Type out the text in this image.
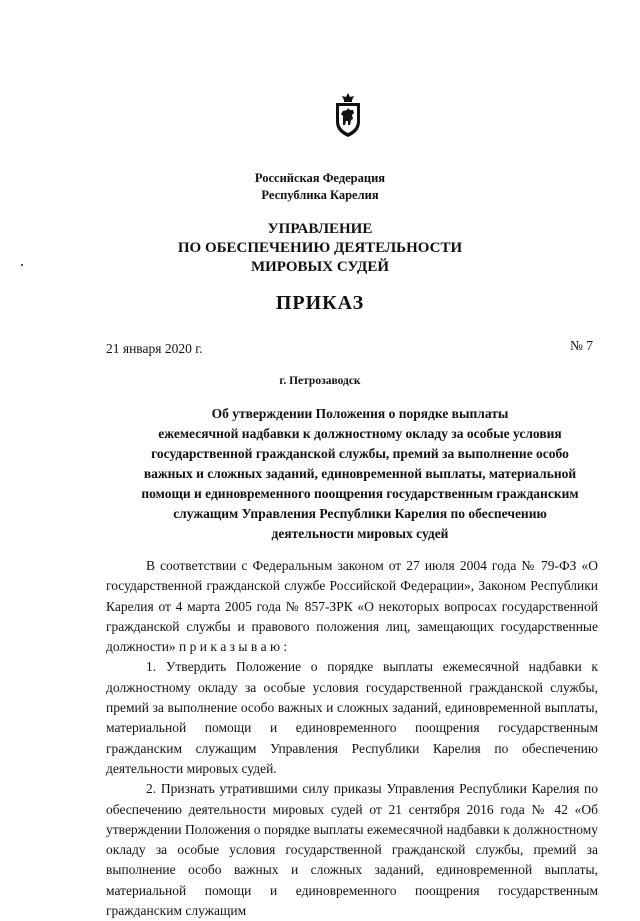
Российская Федерация
Республика Карелия
УПРАВЛЕНИЕ
ПО ОБЕСПЕЧЕНИЮ ДЕЯТЕЛЬНОСТИ
МИРОВЫХ СУДЕЙ
ПРИКАЗ
21 января 2020 г.	№ 7
г. Петрозаводск
Об утверждении Положения о порядке выплаты
ежемесячной надбавки к должностному окладу за особые условия
государственной гражданской службы, премий за выполнение особо
важных и сложных заданий, единовременной выплаты, материальной
помощи и единовременного поощрения государственным гражданским
служащим Управления Республики Карелия по обеспечению
деятельности мировых судей

В соответствии с Федеральным законом от 27 июля 2004 года № 79-ФЗ «О государственной гражданской службе Российской Федерации», Законом Республики Карелия от 4 марта 2005 года № 857-ЗРК «О некоторых вопросах государственной гражданской службы и правового положения лиц, замещающих государственные должности» п р и к а з ы в а ю :

1. Утвердить Положение о порядке выплаты ежемесячной надбавки к должностному окладу за особые условия государственной гражданской службы, премий за выполнение особо важных и сложных заданий, единовременной выплаты, материальной помощи и единовременного поощрения государственным гражданским служащим Управления Республики Карелия по обеспечению деятельности мировых судей.

2. Признать утратившими силу приказы Управления Республики Карелия по обеспечению деятельности мировых судей от 21 сентября 2016 года № 42 «Об утверждении Положения о порядке выплаты ежемесячной надбавки к должностному окладу за особые условия государственной гражданской службы, премий за выполнение особо важных и сложных заданий, единовременной выплаты, материальной помощи и единовременного поощрения государственным гражданским служащим
